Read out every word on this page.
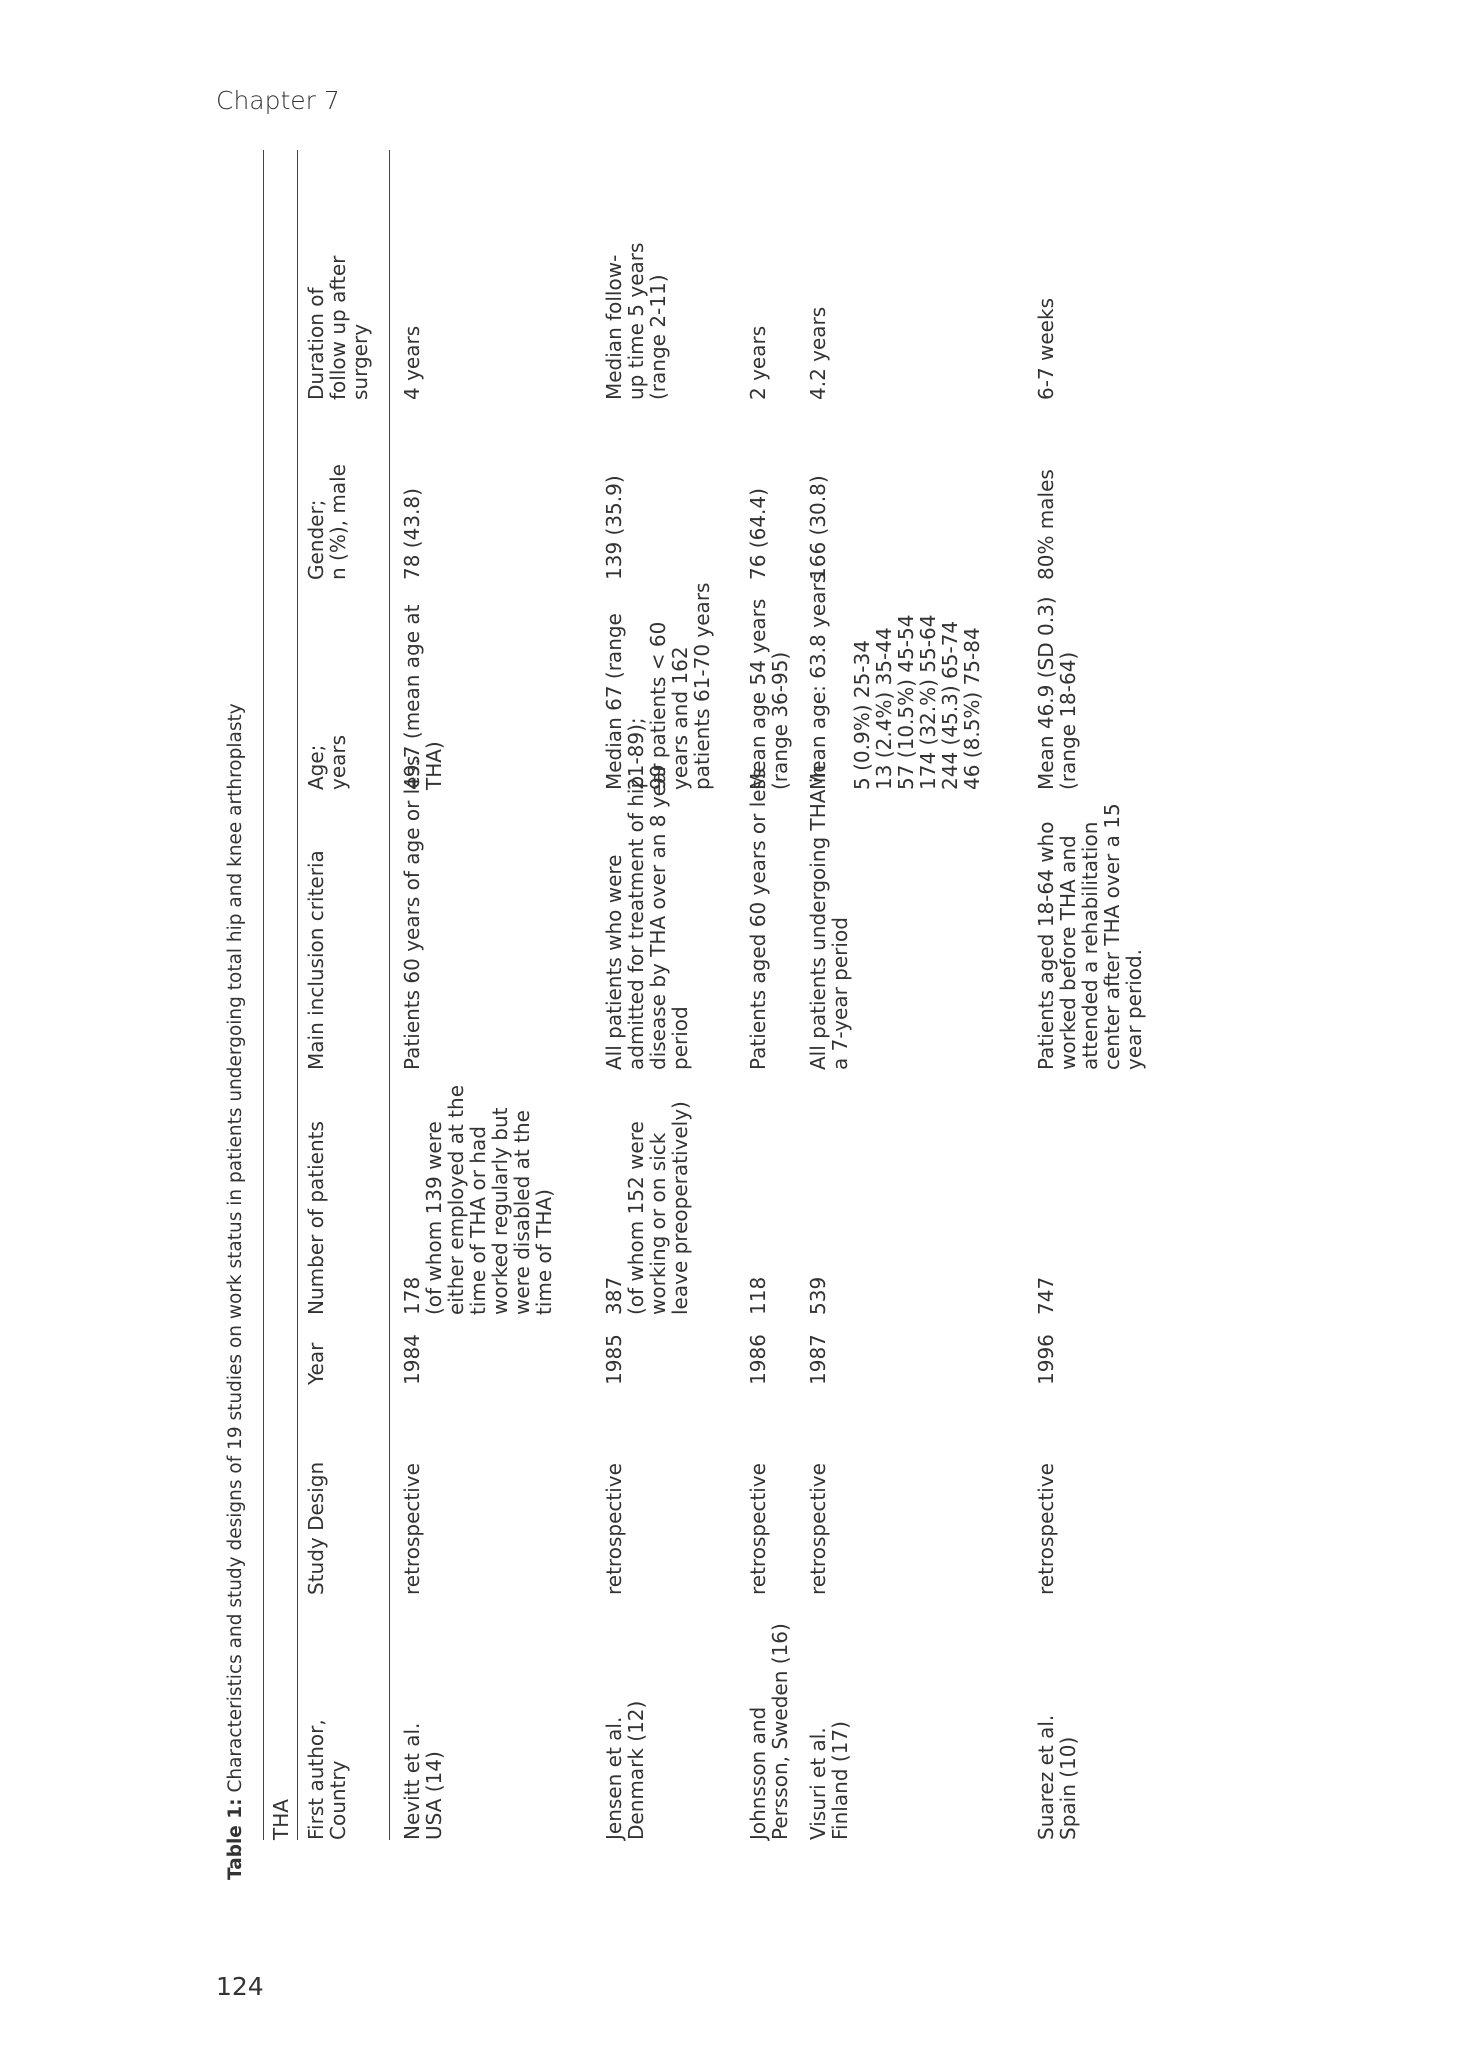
Chapter 7
124
Table 1: Characteristics and study designs of 19 studies on work status in patients undergoing total hip and knee arthroplasty
THA First author,
Country
Study Design
Year
Number of patients
Main inclusion criteria
Age;
years
Gender;
n (%), male
Duration of
follow up after
surgery
Nevitt et al.
USA (14)
retrospective
1984
178
(of whom 139 were
either employed at the
time of THA or had
worked regularly but
were disabled at the
time of THA)
Patients 60 years of age or less
49.7 (mean age at
THA)
78 (43.8)
4 years
Jensen et al.
Denmark (12)
retrospective
1985
387
(of whom 152 were
working or on sick
leave preoperatively)
All patients who were
admitted for treatment of hip
disease by THA over an 8 year
period
Median 67 (range
21-89);
99 patients < 60
years and 162
patients 61-70 years
139 (35.9)
Median follow-
up time 5 years
(range 2-11)
Johnsson and
Persson, Sweden (16)
retrospective
1986
118
Patients aged 60 years or less
Mean age 54 years
(range 36-95)
76 (64.4)
2 years
Visuri et al.
Finland (17)
retrospective
1987
539
All patients undergoing THA in
a 7-year period
Mean age: 63.8 years

5 (0.9%) 25-34
13 (2.4%) 35-44
57 (10.5%) 45-54
174 (32.%) 55-64
244 (45.3) 65-74
46 (8.5%) 75-84
166 (30.8)
4.2 years
Suarez et al.
Spain (10)
retrospective
1996
747
Patients aged 18-64 who
worked before THA and
attended a rehabilitation
center after THA over a 15
year period.
Mean 46.9 (SD 0.3)
(range 18-64)
80% males
6-7 weeks
